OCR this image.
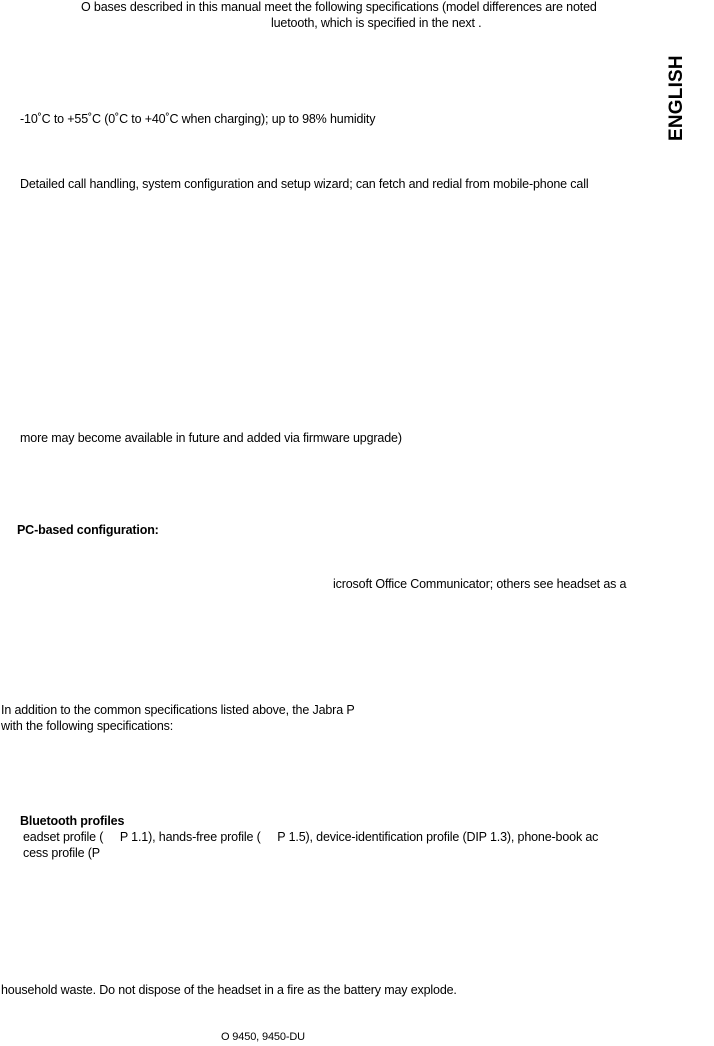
ENGLISH
O bases described in this manual meet the following specifications (model differences are noted
luetooth, which is specified in the next .
-10˚C to +55˚C (0˚C to +40˚C when charging); up to 98% humidity
Detailed call handling, system configuration and setup wizard; can fetch and redial from mobile-phone call
more may become available in future and added via firmware upgrade)
PC-based configuration:
icrosoft Office Communicator; others see headset as a
In addition to the common specifications listed above, the Jabra P
with the following specifications:
Bluetooth profiles
eadset profile (     P 1.1), hands-free profile (     P 1.5), device-identification profile (DIP 1.3), phone-book ac
cess profile (P
household waste. Do not dispose of the headset in a fire as the battery may explode.
O 9450, 9450-DU
